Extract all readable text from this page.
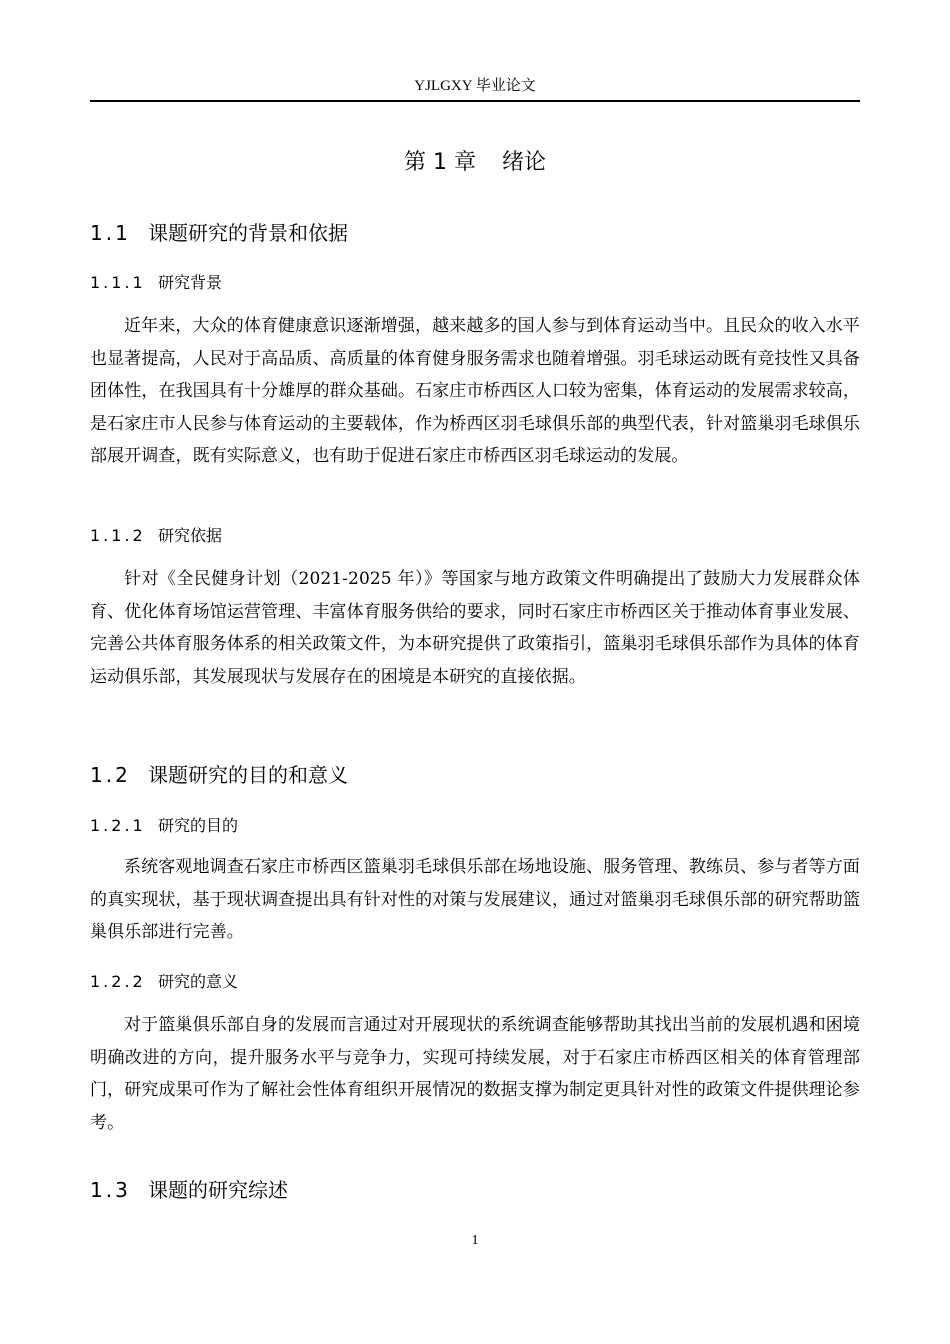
YJLGXY 毕业论文
第 1 章 绪论
1.1 课题研究的背景和依据
1.1.1 研究背景

近年来，大众的体育健康意识逐渐增强，越来越多的国人参与到体育运动当中。且民众的收入水平也显著提高，人民对于高品质、高质量的体育健身服务需求也随着增强。羽毛球运动既有竞技性又具备团体性，在我国具有十分雄厚的群众基础。石家庄市桥西区人口较为密集，体育运动的发展需求较高，是石家庄市人民参与体育运动的主要载体，作为桥西区羽毛球俱乐部的典型代表，针对篮巢羽毛球俱乐部展开调查，既有实际意义，也有助于促进石家庄市桥西区羽毛球运动的发展。

1.1.2 研究依据

针对《全民健身计划（2021-2025 年）》等国家与地方政策文件明确提出了鼓励大力发展群众体育、优化体育场馆运营管理、丰富体育服务供给的要求，同时石家庄市桥西区关于推动体育事业发展、完善公共体育服务体系的相关政策文件，为本研究提供了政策指引，篮巢羽毛球俱乐部作为具体的体育运动俱乐部，其发展现状与发展存在的困境是本研究的直接依据。

1.2 课题研究的目的和意义
1.2.1 研究的目的

系统客观地调查石家庄市桥西区篮巢羽毛球俱乐部在场地设施、服务管理、教练员、参与者等方面的真实现状，基于现状调查提出具有针对性的对策与发展建议，通过对篮巢羽毛球俱乐部的研究帮助篮巢俱乐部进行完善。

1.2.2 研究的意义

对于篮巢俱乐部自身的发展而言通过对开展现状的系统调查能够帮助其找出当前的发展机遇和困境明确改进的方向，提升服务水平与竞争力，实现可持续发展，对于石家庄市桥西区相关的体育管理部门，研究成果可作为了解社会性体育组织开展情况的数据支撑为制定更具针对性的政策文件提供理论参考。

1.3 课题的研究综述
1
